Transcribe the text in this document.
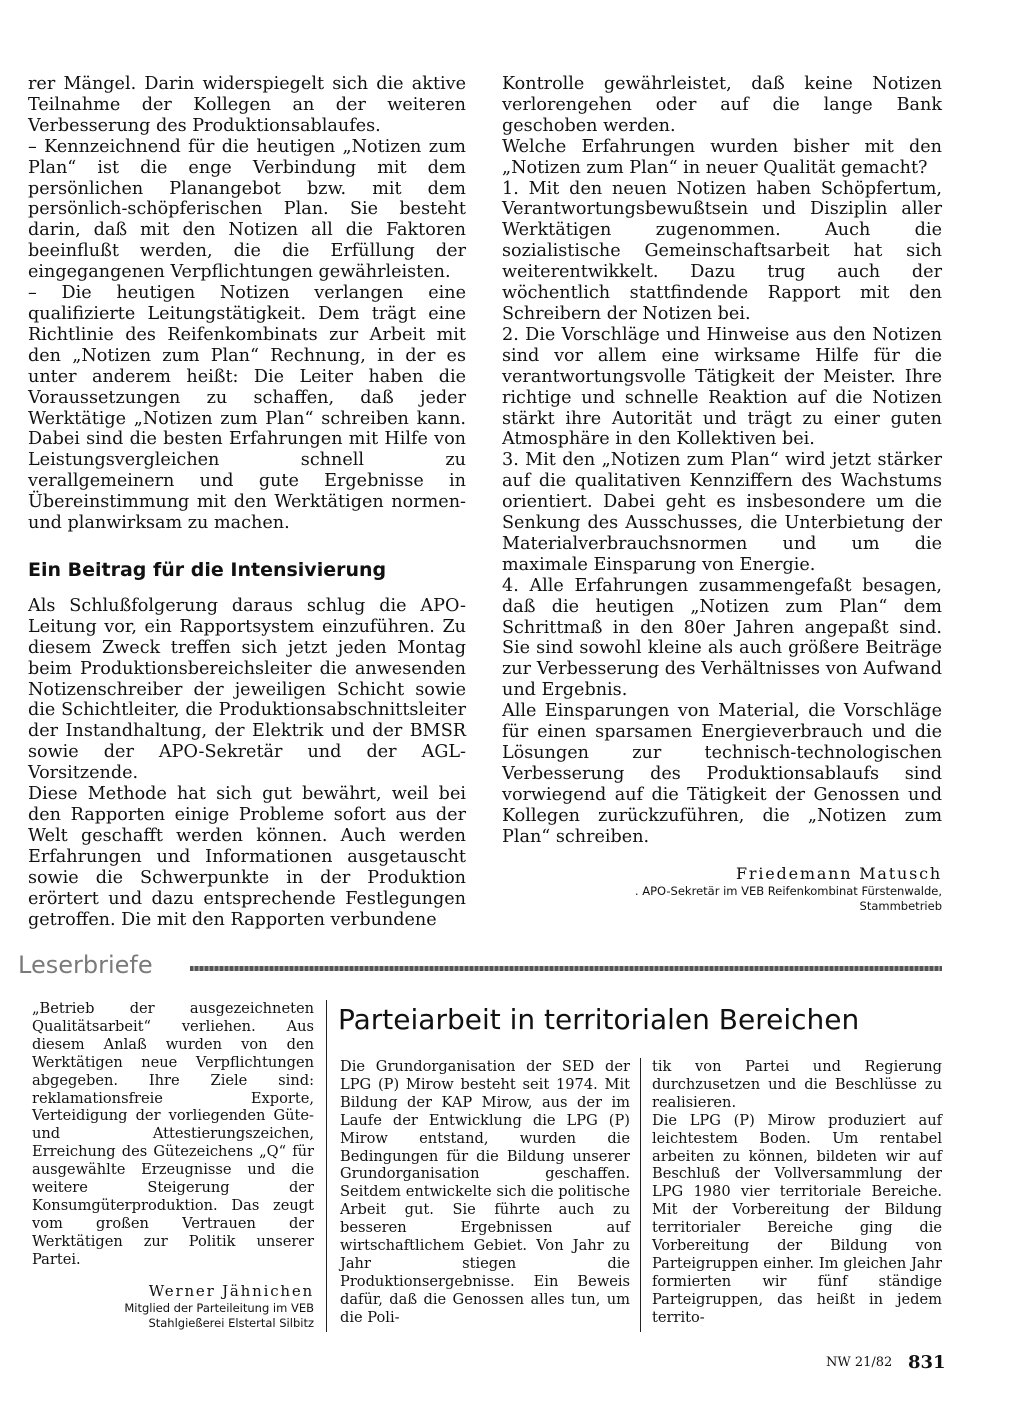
rer Mängel. Darin widerspiegelt sich die aktive Teilnahme der Kollegen an der weiteren Verbesserung des Produktionsablaufes.

– Kennzeichnend für die heutigen „Notizen zum Plan“ ist die enge Verbindung mit dem persönlichen Planangebot bzw. mit dem persönlich-schöpferischen Plan. Sie besteht darin, daß mit den Notizen all die Faktoren beeinflußt werden, die die Erfüllung der eingegangenen Verpflichtungen gewährleisten.

– Die heutigen Notizen verlangen eine qualifizierte Leitungstätigkeit. Dem trägt eine Richtlinie des Reifenkombinats zur Arbeit mit den „Notizen zum Plan“ Rechnung, in der es unter anderem heißt: Die Leiter haben die Voraussetzungen zu schaffen, daß jeder Werktätige „Notizen zum Plan“ schreiben kann. Dabei sind die besten Erfahrungen mit Hilfe von Leistungsvergleichen schnell zu verallgemeinern und gute Ergebnisse in Übereinstimmung mit den Werktätigen normen- und planwirksam zu machen.

Ein Beitrag für die Intensivierung

Als Schlußfolgerung daraus schlug die APO-Leitung vor, ein Rapportsystem einzuführen. Zu diesem Zweck treffen sich jetzt jeden Montag beim Produktionsbereichsleiter die anwesenden Notizenschreiber der jeweiligen Schicht sowie die Schichtleiter, die Produktionsabschnittsleiter der Instandhaltung, der Elektrik und der BMSR sowie der APO-Sekretär und der AGL-Vorsitzende.

Diese Methode hat sich gut bewährt, weil bei den Rapporten einige Probleme sofort aus der Welt geschafft werden können. Auch werden Erfahrungen und Informationen ausgetauscht sowie die Schwerpunkte in der Produktion erörtert und dazu entsprechende Festlegungen getroffen. Die mit den Rapporten verbundene

Kontrolle gewährleistet, daß keine Notizen verlorengehen oder auf die lange Bank geschoben werden.

Welche Erfahrungen wurden bisher mit den „Notizen zum Plan“ in neuer Qualität gemacht?

1. Mit den neuen Notizen haben Schöpfertum, Verantwortungsbewußtsein und Disziplin aller Werktätigen zugenommen. Auch die sozialistische Gemeinschaftsarbeit hat sich weiterentwikkelt. Dazu trug auch der wöchentlich stattfindende Rapport mit den Schreibern der Notizen bei.

2. Die Vorschläge und Hinweise aus den Notizen sind vor allem eine wirksame Hilfe für die verantwortungsvolle Tätigkeit der Meister. Ihre richtige und schnelle Reaktion auf die Notizen stärkt ihre Autorität und trägt zu einer guten Atmosphäre in den Kollektiven bei.

3. Mit den „Notizen zum Plan“ wird jetzt stärker auf die qualitativen Kennziffern des Wachstums orientiert. Dabei geht es insbesondere um die Senkung des Ausschusses, die Unterbietung der Materialverbrauchsnormen und um die maximale Einsparung von Energie.

4. Alle Erfahrungen zusammengefaßt besagen, daß die heutigen „Notizen zum Plan“ dem Schrittmaß in den 80er Jahren angepaßt sind. Sie sind sowohl kleine als auch größere Beiträge zur Verbesserung des Verhältnisses von Aufwand und Ergebnis.

Alle Einsparungen von Material, die Vorschläge für einen sparsamen Energieverbrauch und die Lösungen zur technisch-technologischen Verbesserung des Produktionsablaufs sind vorwiegend auf die Tätigkeit der Genossen und Kollegen zurückzuführen, die „Notizen zum Plan“ schreiben.

Friedemann Matusch
. APO-Sekretär im VEB Reifenkombinat Fürstenwalde, Stammbetrieb
Leserbriefe

„Betrieb der ausgezeichneten Qualitätsarbeit“ verliehen. Aus diesem Anlaß wurden von den Werktätigen neue Verpflichtungen abgegeben. Ihre Ziele sind: reklamationsfreie Exporte, Verteidigung der vorliegenden Güte- und Attestierungszeichen, Erreichung des Gütezeichens „Q“ für ausgewählte Erzeugnisse und die weitere Steigerung der Konsumgüterproduktion. Das zeugt vom großen Vertrauen der Werktätigen zur Politik unserer Partei.

Werner Jähnichen
Mitglied der Parteileitung im VEB Stahlgießerei Elstertal Silbitz
Parteiarbeit in territorialen Bereichen

Die Grundorganisation der SED der LPG (P) Mirow besteht seit 1974. Mit Bildung der KAP Mirow, aus der im Laufe der Entwicklung die LPG (P) Mirow entstand, wurden die Bedingungen für die Bildung unserer Grundorganisation geschaffen. Seitdem entwickelte sich die politische Arbeit gut. Sie führte auch zu besseren Ergebnissen auf wirtschaftlichem Gebiet. Von Jahr zu Jahr stiegen die Produktionsergebnisse. Ein Beweis dafür, daß die Genossen alles tun, um die Poli-

tik von Partei und Regierung durchzusetzen und die Beschlüsse zu realisieren.

Die LPG (P) Mirow produziert auf leichtestem Boden. Um rentabel arbeiten zu können, bildeten wir auf Beschluß der Vollversammlung der LPG 1980 vier territoriale Bereiche. Mit der Vorbereitung der Bildung territorialer Bereiche ging die Vorbereitung der Bildung von Parteigruppen einher. Im gleichen Jahr formierten wir fünf ständige Parteigruppen, das heißt in jedem territo-

NW 21/82 831
